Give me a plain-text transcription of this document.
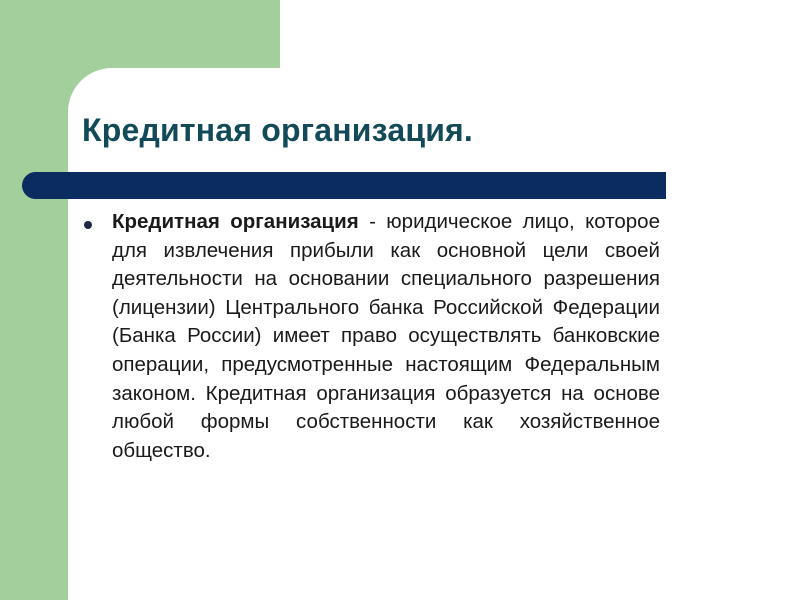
Кредитная организация.
Кредитная организация - юридическое лицо, которое для извлечения прибыли как основной цели своей деятельности на основании специального разрешения (лицензии) Центрального банка Российской Федерации (Банка России) имеет право осуществлять банковские операции, предусмотренные настоящим Федеральным законом. Кредитная организация образуется на основе любой формы собственности как хозяйственное общество.
